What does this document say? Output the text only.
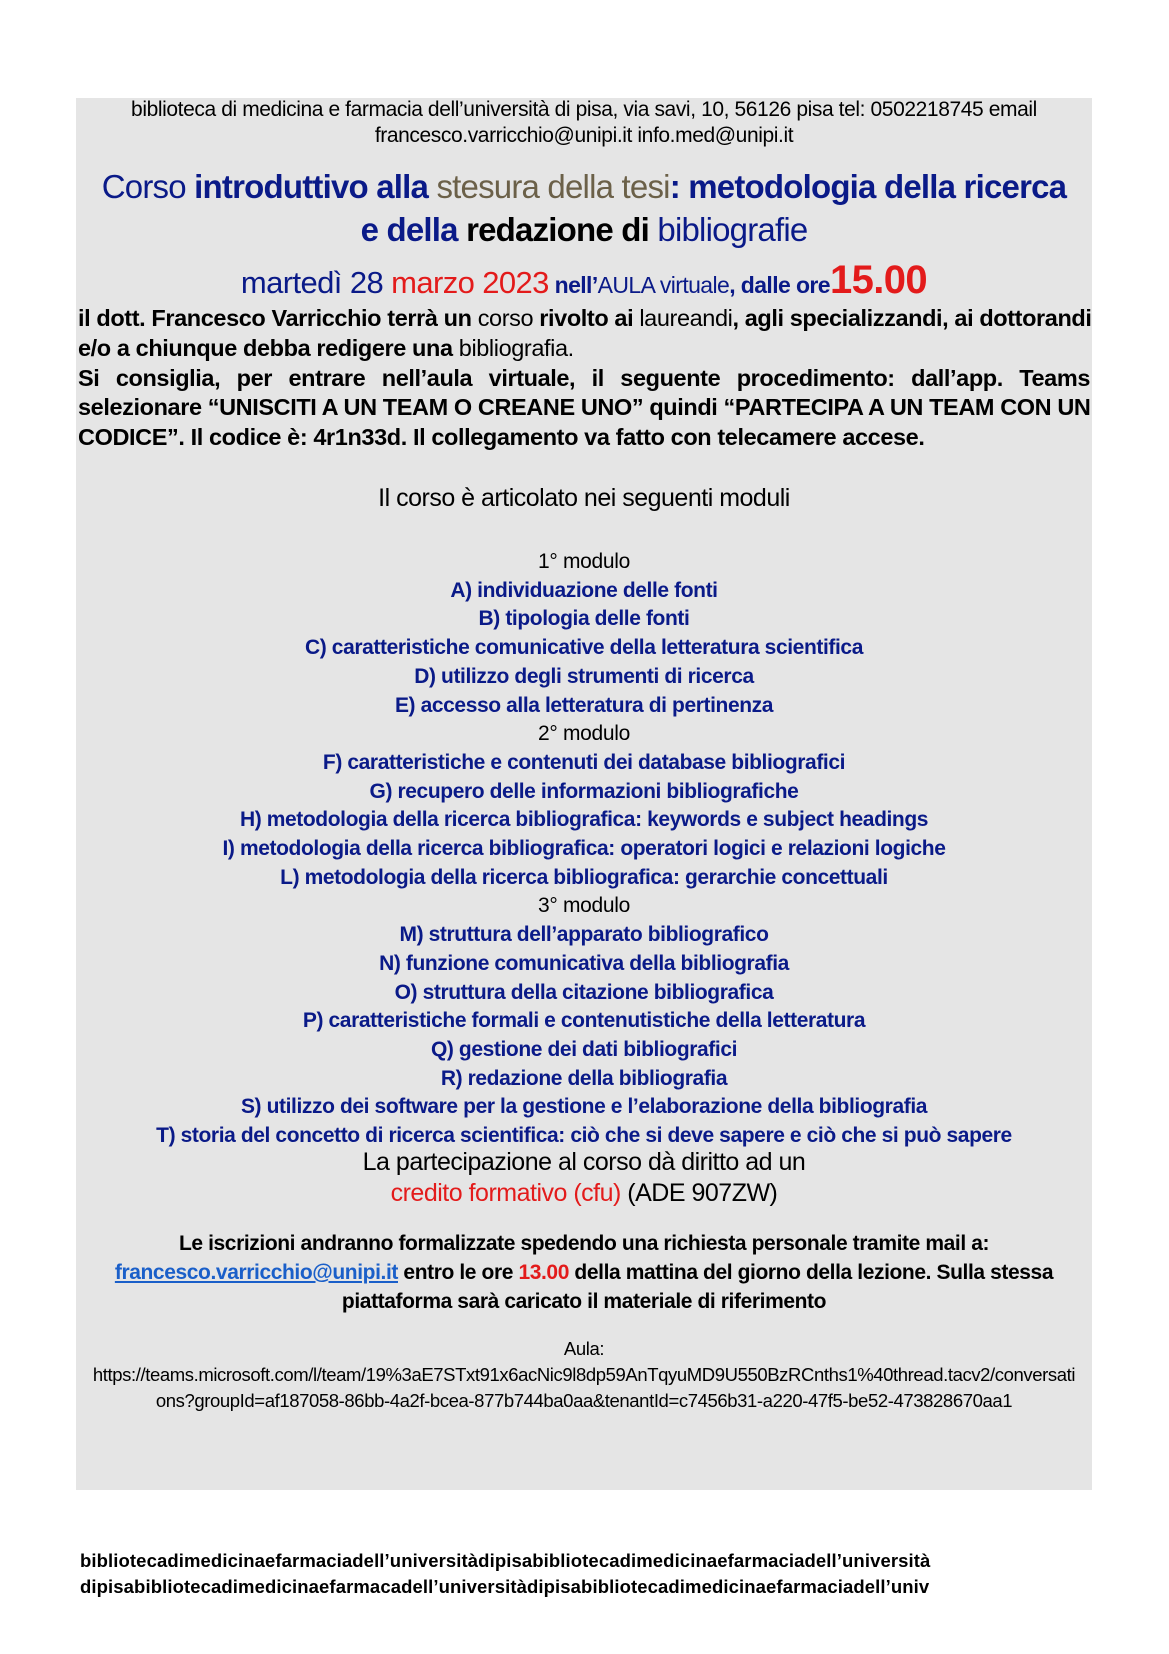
biblioteca di medicina e farmacia dell’università di pisa, via savi, 10, 56126 pisa tel: 0502218745 email
francesco.varricchio@unipi.it info.med@unipi.it
Corso introduttivo alla stesura della tesi: metodologia della ricerca
e della redazione di bibliografie
martedì 28 marzo 2023 nell’AULA virtuale, dalle ore15.00
il dott. Francesco Varricchio terrà un corso rivolto ai laureandi, agli specializzandi, ai dottorandi
e/o a chiunque debba redigere una bibliografia.
Si consiglia, per entrare nell’aula virtuale, il seguente procedimento: dall’app. Teams
selezionare “UNISCITI A UN TEAM O CREANE UNO” quindi “PARTECIPA A UN TEAM CON UN
CODICE”. Il codice è: 4r1n33d. Il collegamento va fatto con telecamere accese.
Il corso è articolato nei seguenti moduli
1° modulo
A) individuazione delle fonti
B) tipologia delle fonti
C) caratteristiche comunicative della letteratura scientifica
D) utilizzo degli strumenti di ricerca
E) accesso alla letteratura di pertinenza
2° modulo
F) caratteristiche e contenuti dei database bibliografici
G) recupero delle informazioni bibliografiche
H) metodologia della ricerca bibliografica: keywords e subject headings
I) metodologia della ricerca bibliografica: operatori logici e relazioni logiche
L) metodologia della ricerca bibliografica: gerarchie concettuali
3° modulo
M) struttura dell’apparato bibliografico
N) funzione comunicativa della bibliografia
O) struttura della citazione bibliografica
P) caratteristiche formali e contenutistiche della letteratura
Q) gestione dei dati bibliografici
R) redazione della bibliografia
S) utilizzo dei software per la gestione e l’elaborazione della bibliografia
T) storia del concetto di ricerca scientifica: ciò che si deve sapere e ciò che si può sapere
La partecipazione al corso dà diritto ad un
credito formativo (cfu) (ADE 907ZW)
Le iscrizioni andranno formalizzate spedendo una richiesta personale tramite mail a:
francesco.varricchio@unipi.it entro le ore 13.00 della mattina del giorno della lezione. Sulla stessa
piattaforma sarà caricato il materiale di riferimento
Aula:
https://teams.microsoft.com/l/team/19%3aE7STxt91x6acNic9l8dp59AnTqyuMD9U550BzRCnths1%40thread.tacv2/conversati
ons?groupId=af187058-86bb-4a2f-bcea-877b744ba0aa&tenantId=c7456b31-a220-47f5-be52-473828670aa1
bibliotecadimedicinaefarmaciadell’universitàdipisabibliotecadimedicinaefarmaciadell’università
dipisabibliotecadimedicinaefarmacadell’universitàdipisabibliotecadimedicinaefarmaciadell’univ
